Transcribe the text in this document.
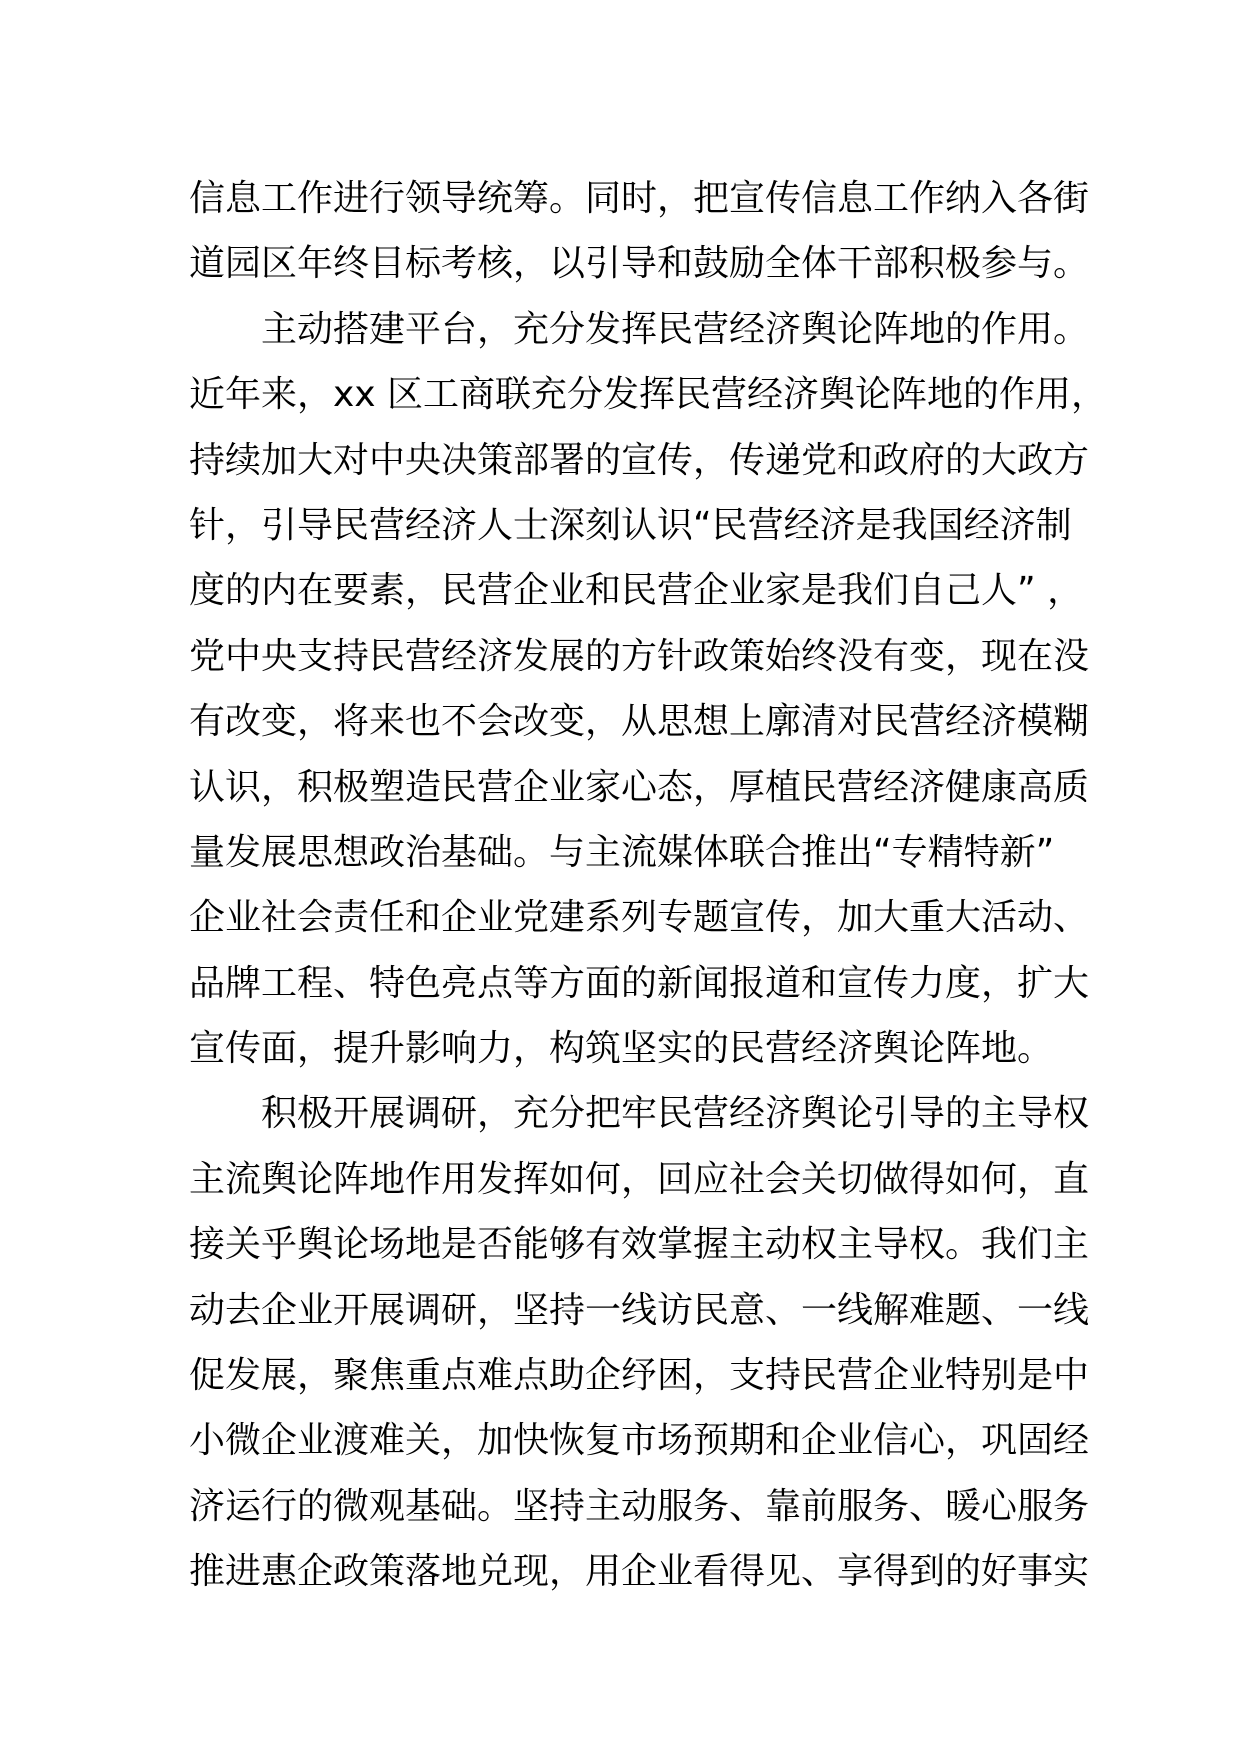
信息工作进行领导统筹。同时，把宣传信息工作纳入各街
道园区年终目标考核，以引导和鼓励全体干部积极参与。
主动搭建平台，充分发挥民营经济舆论阵地的作用。
近年来，xx 区工商联充分发挥民营经济舆论阵地的作用，
持续加大对中央决策部署的宣传，传递党和政府的大政方
针，引导民营经济人士深刻认识“民营经济是我国经济制
度的内在要素，民营企业和民营企业家是我们自己人” ，
党中央支持民营经济发展的方针政策始终没有变，现在没
有改变，将来也不会改变，从思想上廓清对民营经济模糊
认识，积极塑造民营企业家心态，厚植民营经济健康高质
量发展思想政治基础。与主流媒体联合推出“专精特新”
企业社会责任和企业党建系列专题宣传，加大重大活动、
品牌工程、特色亮点等方面的新闻报道和宣传力度，扩大
宣传面，提升影响力，构筑坚实的民营经济舆论阵地。
积极开展调研，充分把牢民营经济舆论引导的主导权
主流舆论阵地作用发挥如何，回应社会关切做得如何，直
接关乎舆论场地是否能够有效掌握主动权主导权。我们主
动去企业开展调研，坚持一线访民意、一线解难题、一线
促发展，聚焦重点难点助企纾困，支持民营企业特别是中
小微企业渡难关，加快恢复市场预期和企业信心，巩固经
济运行的微观基础。坚持主动服务、靠前服务、暖心服务
推进惠企政策落地兑现，用企业看得见、享得到的好事实
